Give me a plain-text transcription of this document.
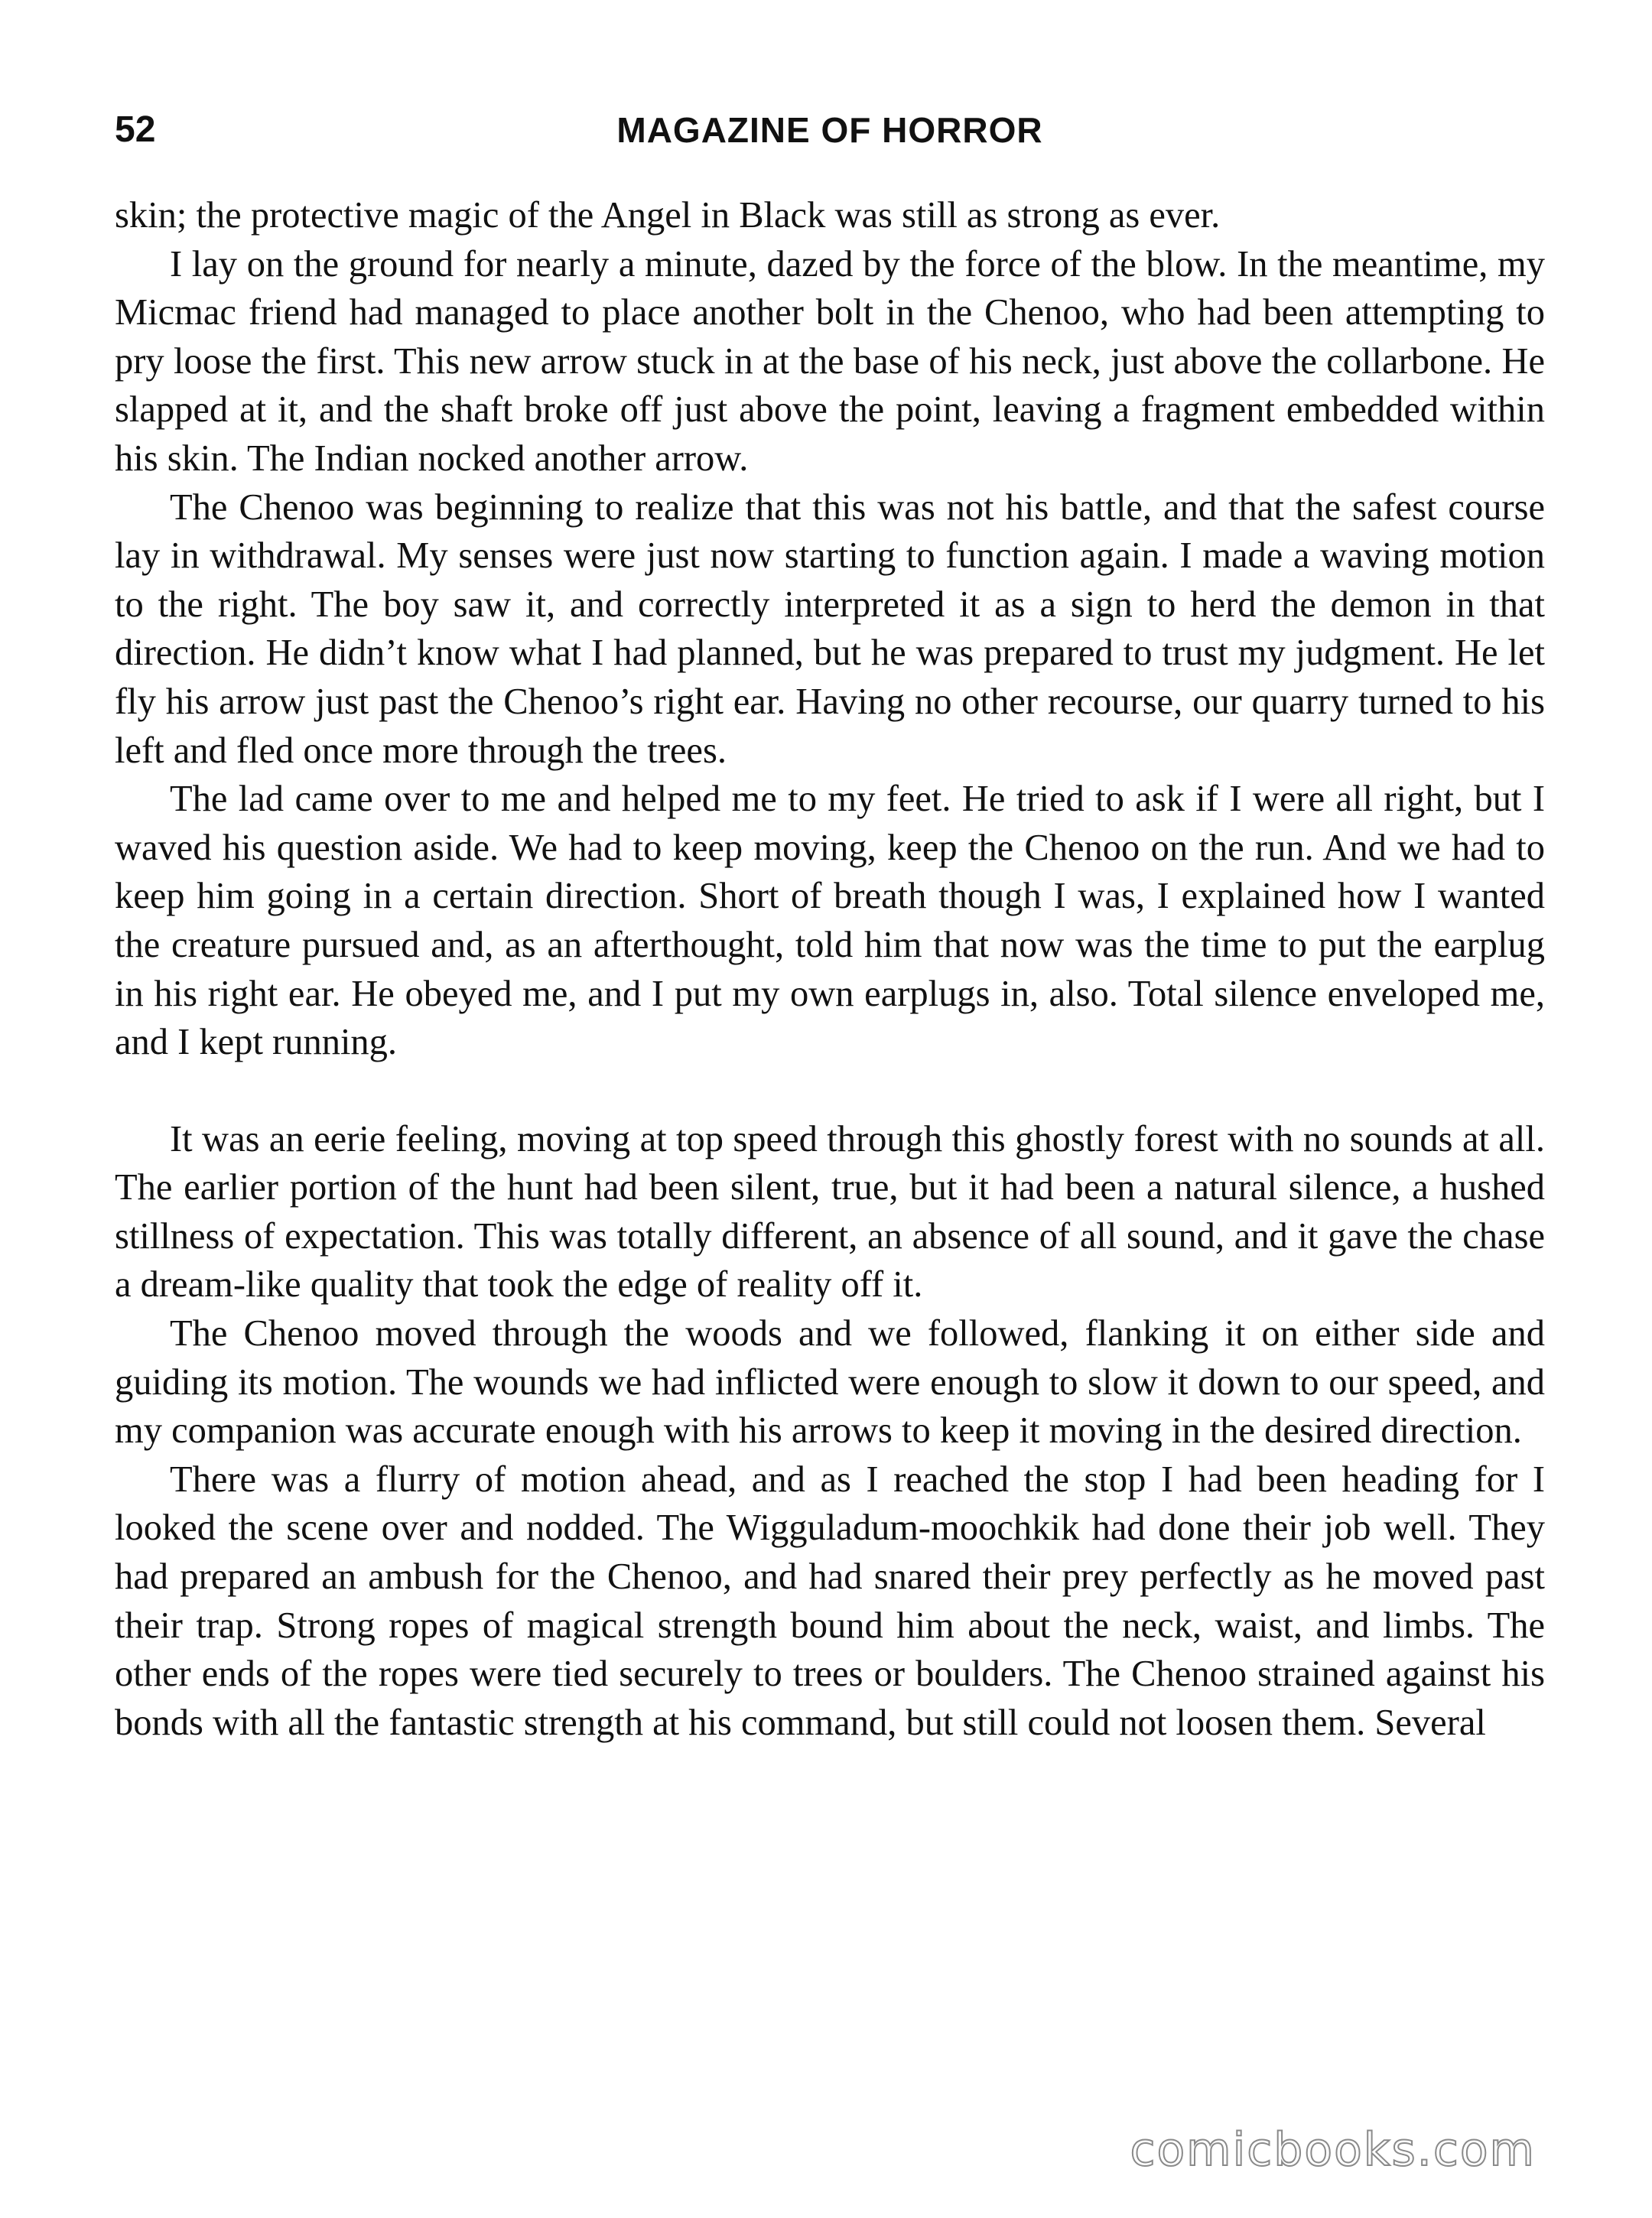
52	MAGAZINE OF HORROR

skin; the protective magic of the Angel in Black was still as strong as ever.

I lay on the ground for nearly a minute, dazed by the force of the blow. In the meantime, my Micmac friend had managed to place another bolt in the Chenoo, who had been attempting to pry loose the first. This new arrow stuck in at the base of his neck, just above the collarbone. He slapped at it, and the shaft broke off just above the point, leaving a fragment embedded within his skin. The Indian nocked another arrow.

The Chenoo was beginning to realize that this was not his battle, and that the safest course lay in withdrawal. My senses were just now starting to function again. I made a waving motion to the right. The boy saw it, and correctly interpreted it as a sign to herd the demon in that direction. He didn’t know what I had planned, but he was prepared to trust my judgment. He let fly his arrow just past the Chenoo’s right ear. Having no other recourse, our quarry turned to his left and fled once more through the trees.

The lad came over to me and helped me to my feet. He tried to ask if I were all right, but I waved his question aside. We had to keep moving, keep the Chenoo on the run. And we had to keep him going in a certain direction. Short of breath though I was, I explained how I wanted the creature pursued and, as an afterthought, told him that now was the time to put the earplug in his right ear. He obeyed me, and I put my own earplugs in, also. Total silence enveloped me, and I kept running.

It was an eerie feeling, moving at top speed through this ghostly forest with no sounds at all. The earlier portion of the hunt had been silent, true, but it had been a natural silence, a hushed stillness of expectation. This was totally different, an absence of all sound, and it gave the chase a dream-like quality that took the edge of reality off it.

The Chenoo moved through the woods and we followed, flanking it on either side and guiding its motion. The wounds we had inflicted were enough to slow it down to our speed, and my companion was accurate enough with his arrows to keep it moving in the desired direction.

There was a flurry of motion ahead, and as I reached the stop I had been heading for I looked the scene over and nodded. The Wigguladum-moochkik had done their job well. They had prepared an ambush for the Chenoo, and had snared their prey perfectly as he moved past their trap. Strong ropes of magical strength bound him about the neck, waist, and limbs. The other ends of the ropes were tied securely to trees or boulders. The Chenoo strained against his bonds with all the fantastic strength at his command, but still could not loosen them. Several

comicbooks.com
